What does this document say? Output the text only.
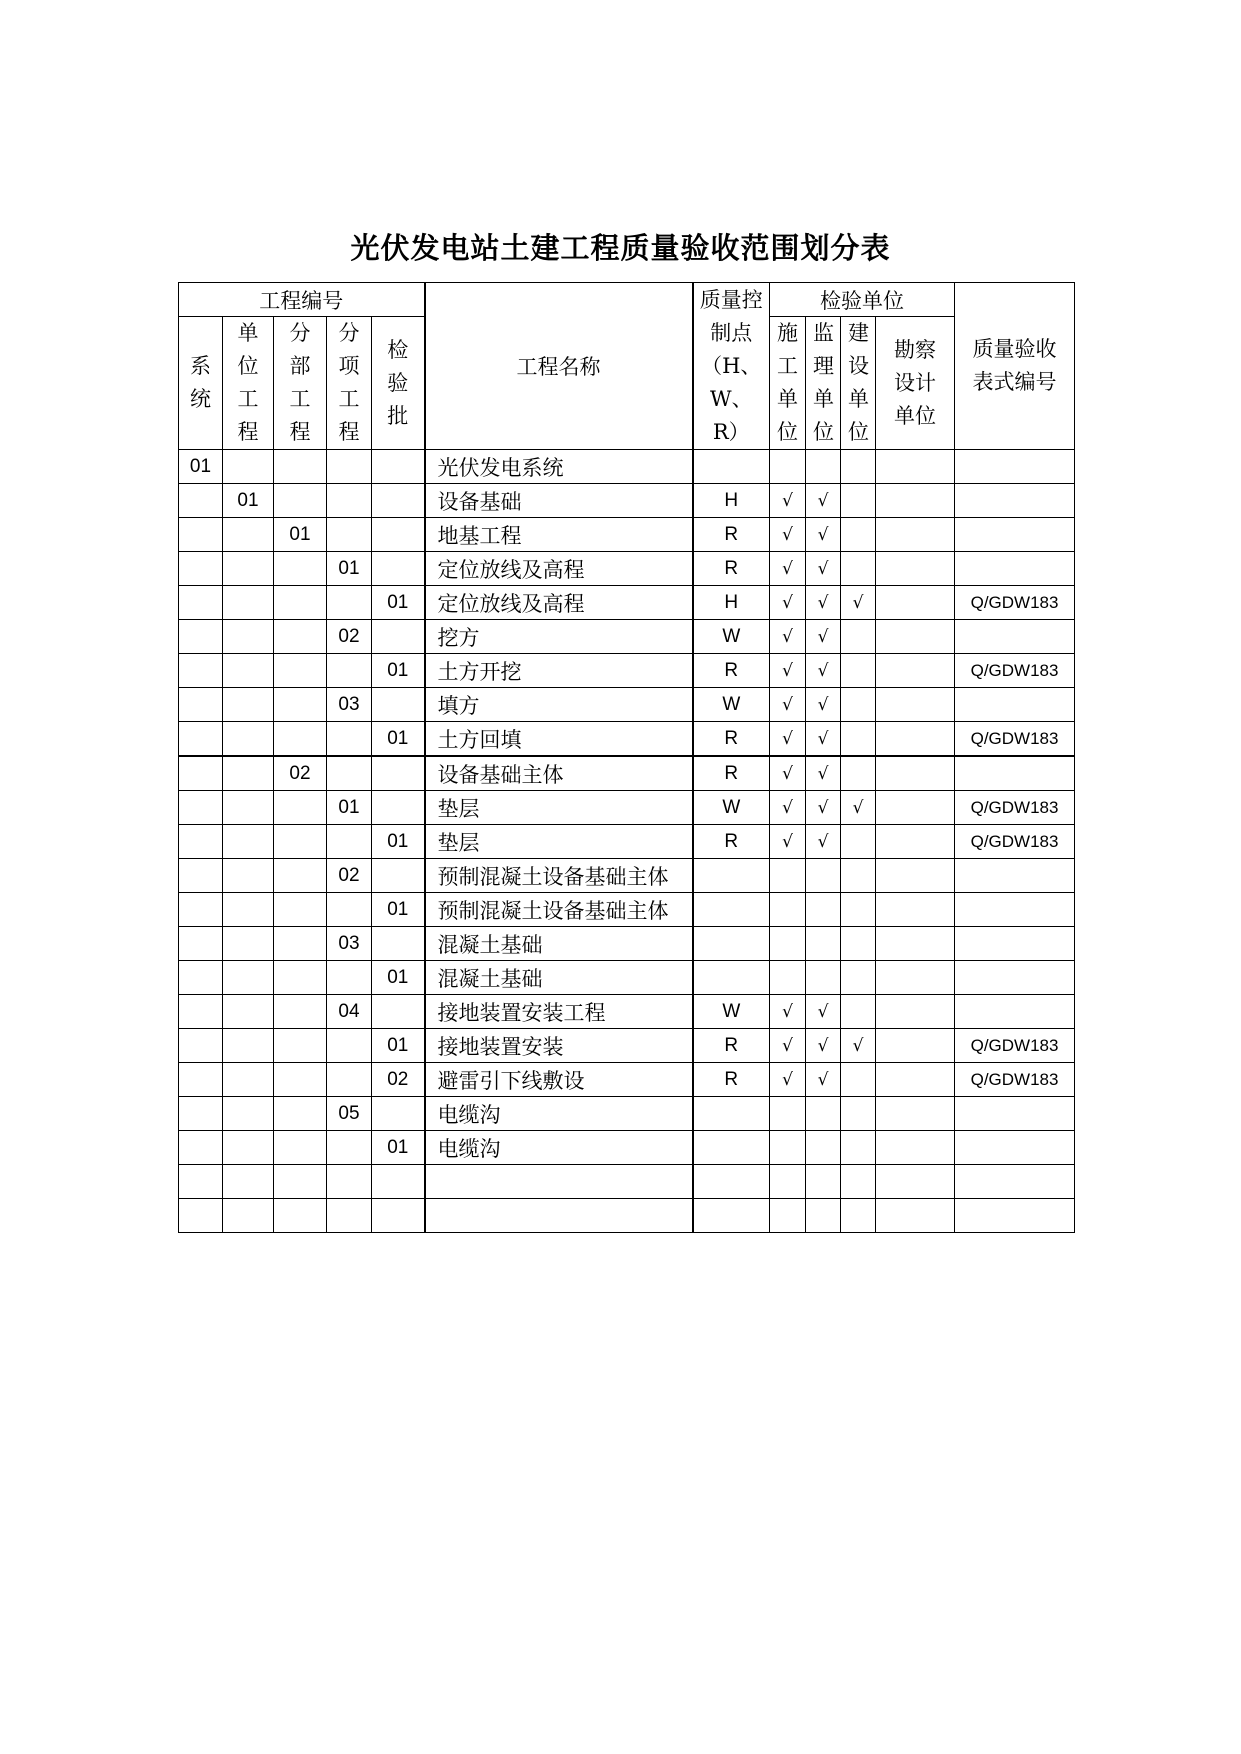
光伏发电站土建工程质量验收范围划分表
工程编号					工程名称	质量控制点（H、W、R）	检验单位				质量验收表式编号
系统	单位工程	分部工程	分项工程	检验批			施工单位	监理单位	建设单位	勘察设计单位	
01					光伏发电系统						
	01				设备基础	H	√	√			
		01			地基工程	R	√	√			
			01		定位放线及高程	R	√	√			
				01	定位放线及高程	H	√	√	√		Q/GDW183
			02		挖方	W	√	√			
				01	土方开挖	R	√	√			Q/GDW183
			03		填方	W	√	√			
				01	土方回填	R	√	√			Q/GDW183
		02			设备基础主体	R	√	√			
			01		垫层	W	√	√	√		Q/GDW183
				01	垫层	R	√	√			Q/GDW183
			02		预制混凝土设备基础主体						
				01	预制混凝土设备基础主体						
			03		混凝土基础						
				01	混凝土基础						
			04		接地装置安装工程	W	√	√			
				01	接地装置安装	R	√	√	√		Q/GDW183
				02	避雷引下线敷设	R	√	√			Q/GDW183
			05		电缆沟						
				01	电缆沟						
